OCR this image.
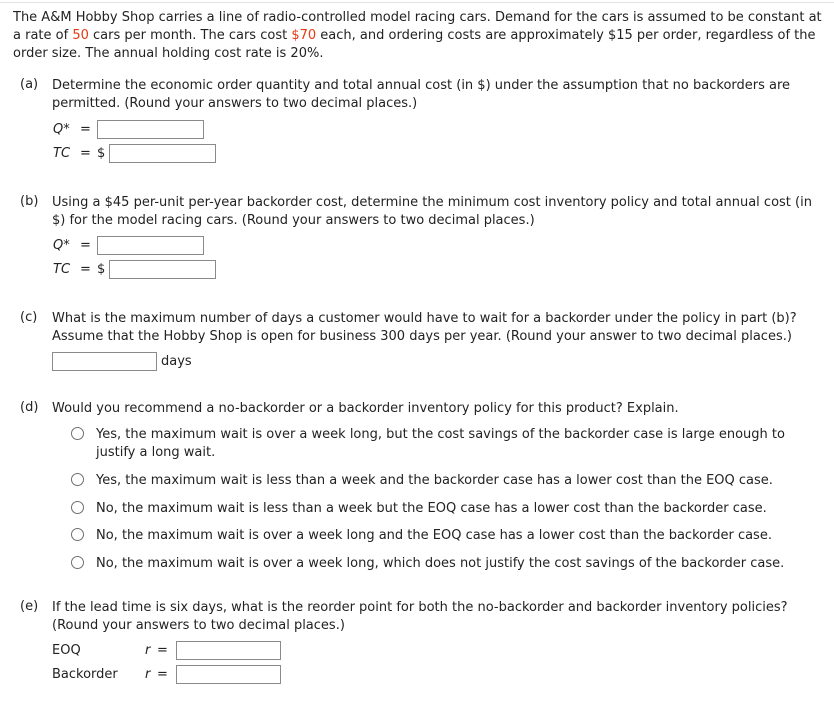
The A&M Hobby Shop carries a line of radio-controlled model racing cars. Demand for the cars is assumed to be constant at a rate of 50 cars per month. The cars cost $70 each, and ordering costs are approximately $15 per order, regardless of the order size. The annual holding cost rate is 20%.
(a) Determine the economic order quantity and total annual cost (in $) under the assumption that no backorders are permitted. (Round your answers to two decimal places.)
Q* =
TC = $
(b) Using a $45 per-unit per-year backorder cost, determine the minimum cost inventory policy and total annual cost (in $) for the model racing cars. (Round your answers to two decimal places.)
Q* =
TC = $
(c) What is the maximum number of days a customer would have to wait for a backorder under the policy in part (b)? Assume that the Hobby Shop is open for business 300 days per year. (Round your answer to two decimal places.)
days
(d) Would you recommend a no-backorder or a backorder inventory policy for this product? Explain.
Yes, the maximum wait is over a week long, but the cost savings of the backorder case is large enough to justify a long wait.
Yes, the maximum wait is less than a week and the backorder case has a lower cost than the EOQ case.
No, the maximum wait is less than a week but the EOQ case has a lower cost than the backorder case.
No, the maximum wait is over a week long and the EOQ case has a lower cost than the backorder case.
No, the maximum wait is over a week long, which does not justify the cost savings of the backorder case.
(e) If the lead time is six days, what is the reorder point for both the no-backorder and backorder inventory policies? (Round your answers to two decimal places.)
EOQ	r =
Backorder r =
